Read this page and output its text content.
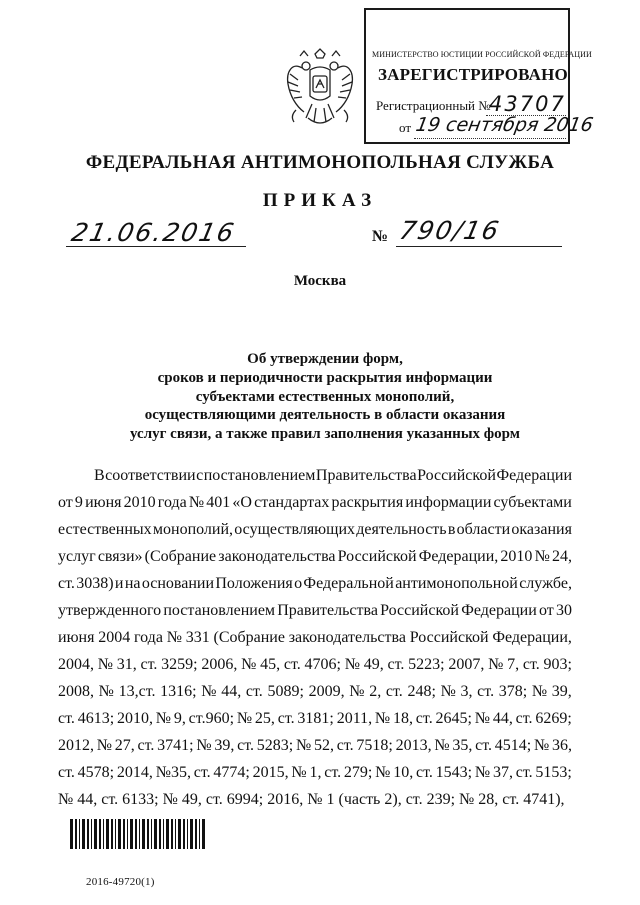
МИНИСТЕРСТВО ЮСТИЦИИ РОССИЙСКОЙ ФЕДЕРАЦИИ
ЗАРЕГИСТРИРОВАНО
Регистрационный №
43707
от 19 сентября 2016
ФЕДЕРАЛЬНАЯ АНТИМОНОПОЛЬНАЯ СЛУЖБА
ПРИКАЗ
21.06.2016	№ 790/16
Москва
Об утверждении форм,
сроков и периодичности раскрытия информации
субъектами естественных монополий,
осуществляющими деятельность в области оказания
услуг связи, а также правил заполнения указанных форм
В соответствии с постановлением Правительства Российской Федерации
от 9 июня 2010 года № 401 «О стандартах раскрытия информации субъектами
естественных монополий, осуществляющих деятельность в области оказания
услуг связи» (Собрание законодательства Российской Федерации, 2010 № 24,
ст. 3038) и на основании Положения о Федеральной антимонопольной службе,
утвержденного постановлением Правительства Российской Федерации от 30
июня 2004 года № 331 (Собрание законодательства Российской Федерации,
2004, № 31, ст. 3259; 2006, № 45, ст. 4706; № 49, ст. 5223; 2007, № 7, ст. 903;
2008, № 13,ст. 1316; № 44, ст. 5089; 2009, № 2, ст. 248; № 3, ст. 378; № 39,
ст. 4613; 2010, № 9, ст.960; № 25, ст. 3181; 2011, № 18, ст. 2645; № 44, ст. 6269;
2012, № 27, ст. 3741; № 39, ст. 5283; № 52, ст. 7518; 2013, № 35, ст. 4514; № 36,
ст. 4578; 2014, №35, ст. 4774; 2015, № 1, ст. 279; № 10, ст. 1543; № 37, ст. 5153;
№ 44, ст. 6133; № 49, ст. 6994; 2016, № 1 (часть 2), ст. 239; № 28, ст. 4741),
2016-49720(1)
